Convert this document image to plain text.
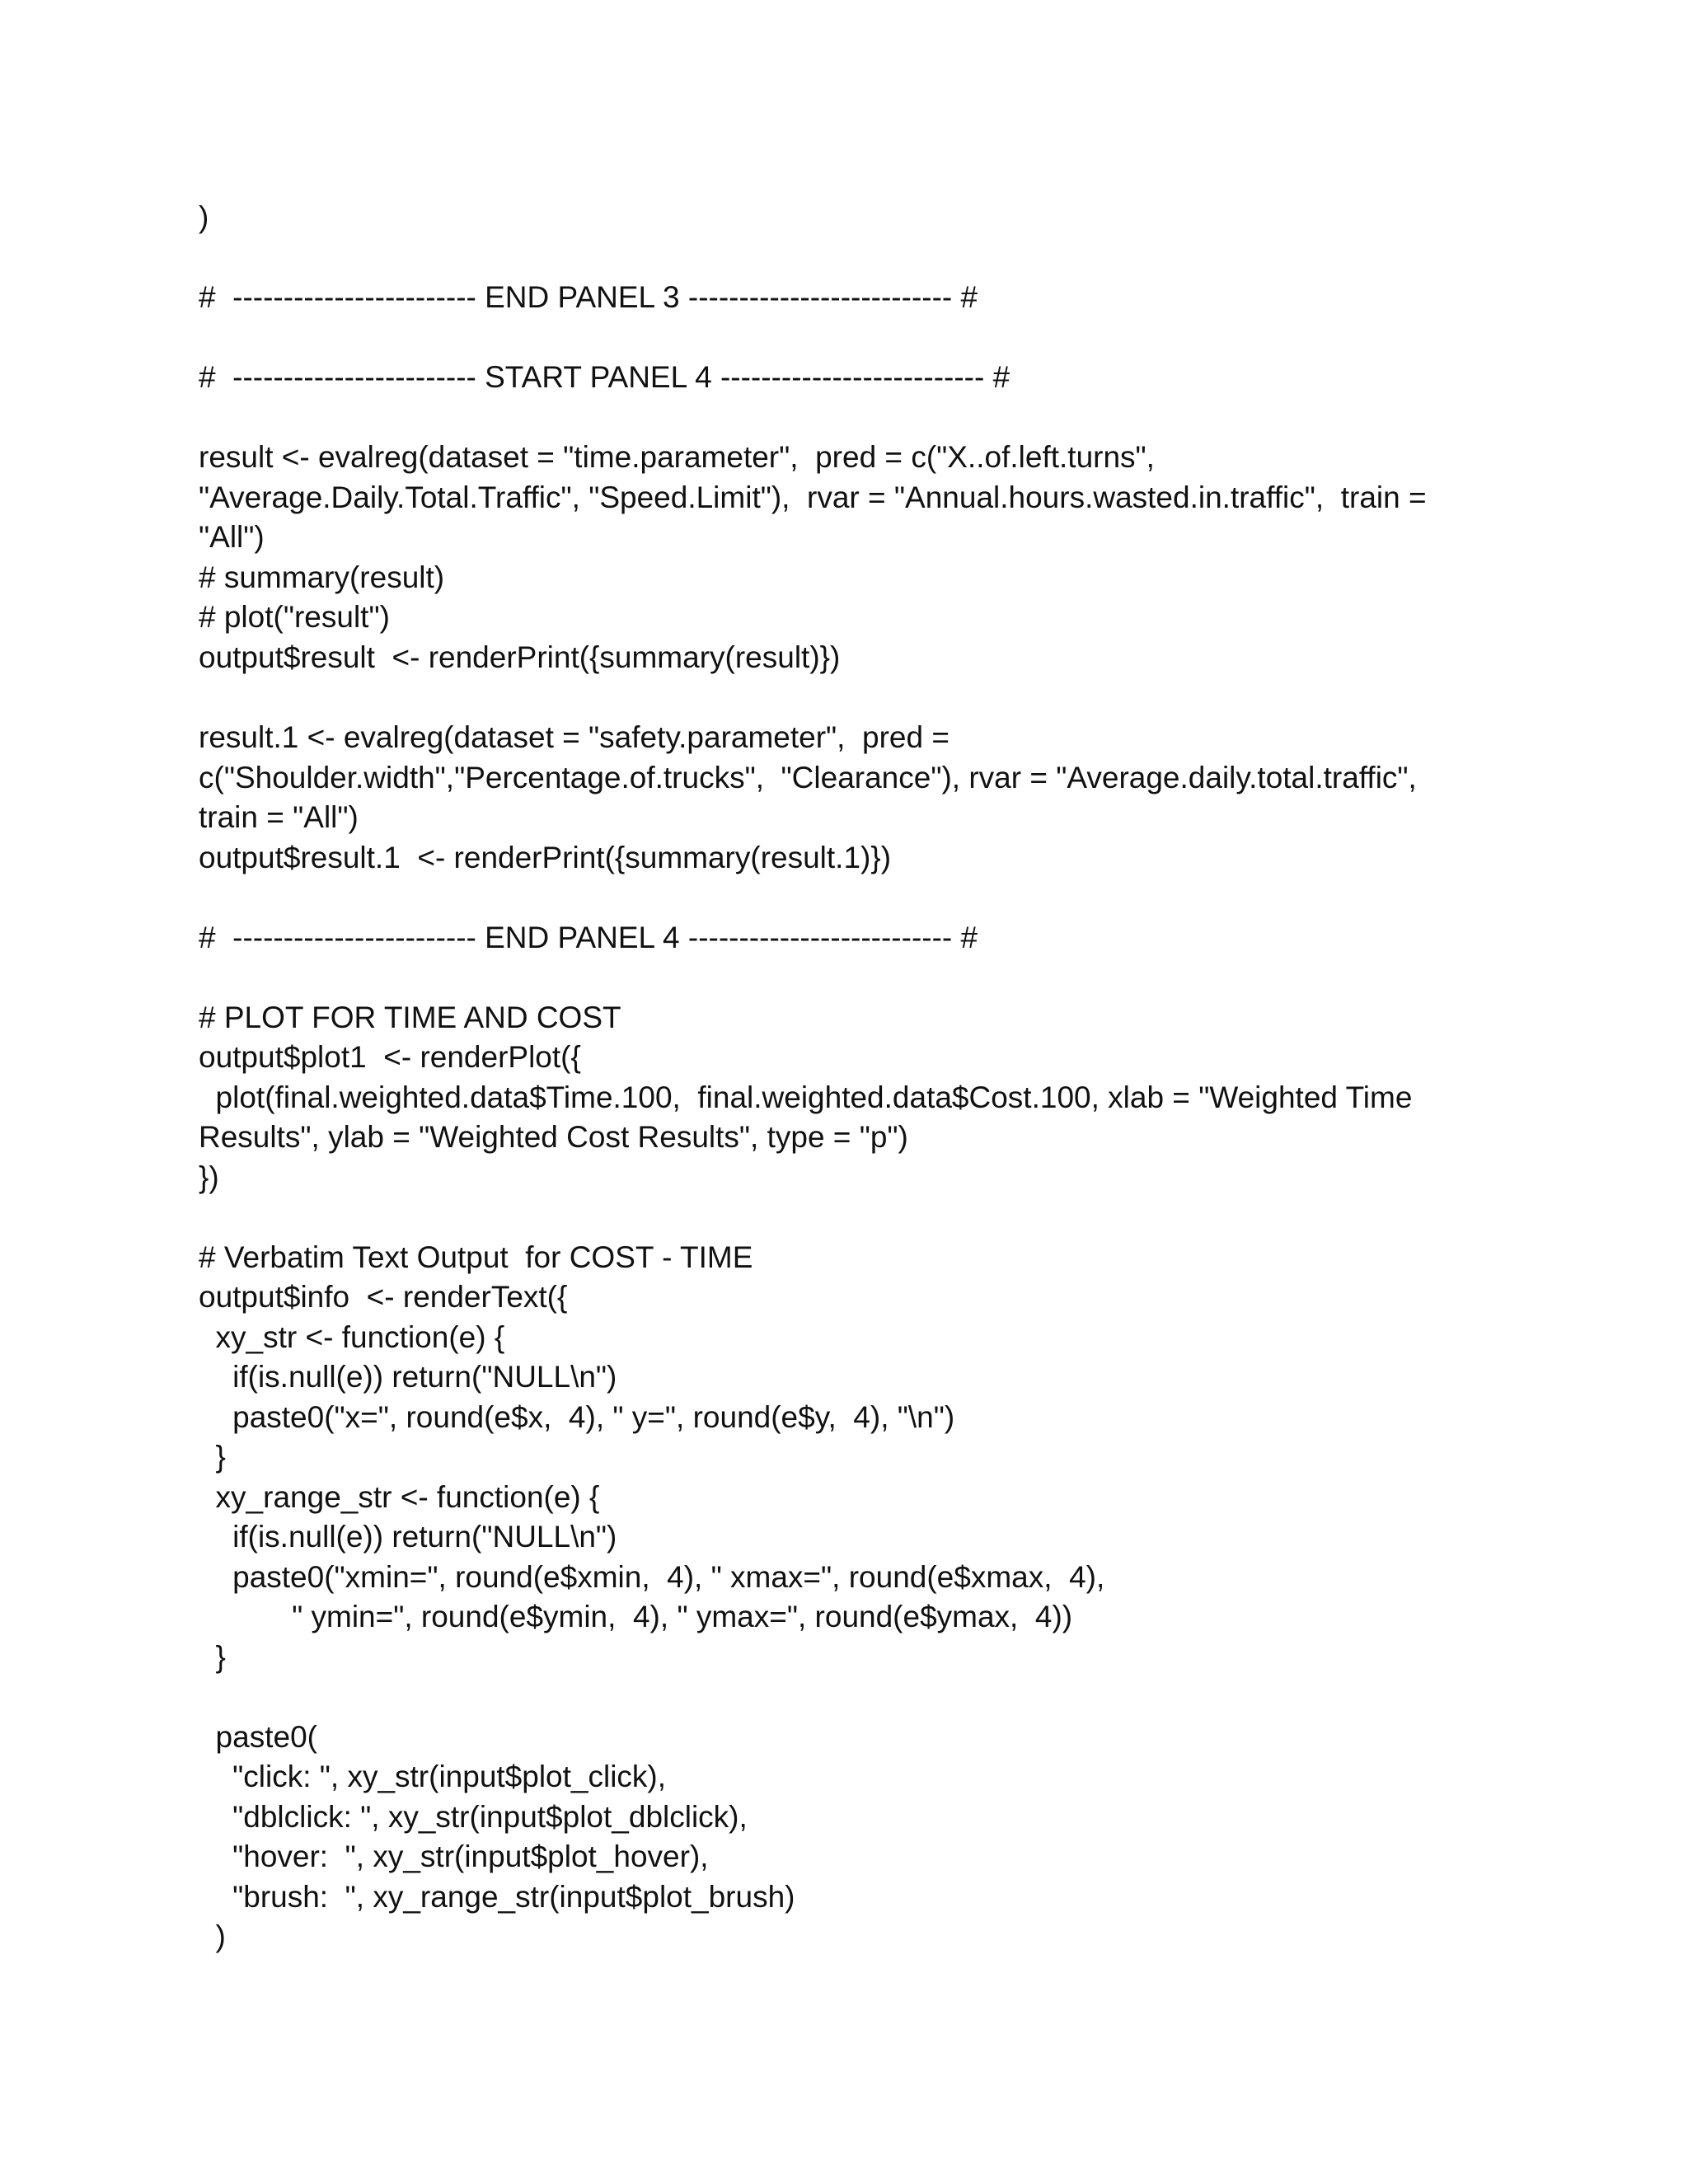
)

#  ------------------------ END PANEL 3 -------------------------- #

#  ------------------------ START PANEL 4 -------------------------- #

result <- evalreg(dataset = "time.parameter",  pred = c("X..of.left.turns",

"Average.Daily.Total.Traffic", "Speed.Limit"),  rvar = "Annual.hours.wasted.in.traffic",  train =

"All")

# summary(result)

# plot("result")

output$result  <- renderPrint({summary(result)})

result.1 <- evalreg(dataset = "safety.parameter",  pred =

c("Shoulder.width","Percentage.of.trucks",  "Clearance"), rvar = "Average.daily.total.traffic",

train = "All")

output$result.1  <- renderPrint({summary(result.1)})

#  ------------------------ END PANEL 4 -------------------------- #

# PLOT FOR TIME AND COST

output$plot1  <- renderPlot({

plot(final.weighted.data$Time.100,  final.weighted.data$Cost.100, xlab = "Weighted Time

Results", ylab = "Weighted Cost Results", type = "p")

})

# Verbatim Text Output  for COST - TIME

output$info  <- renderText({

xy_str <- function(e) {

if(is.null(e)) return("NULL\n")

paste0("x=", round(e$x,  4), " y=", round(e$y,  4), "\n")

}

xy_range_str <- function(e) {

if(is.null(e)) return("NULL\n")

paste0("xmin=", round(e$xmin,  4), " xmax=", round(e$xmax,  4),

" ymin=", round(e$ymin,  4), " ymax=", round(e$ymax,  4))

}

paste0(

"click: ", xy_str(input$plot_click),

"dblclick: ", xy_str(input$plot_dblclick),

"hover:  ", xy_str(input$plot_hover),

"brush:  ", xy_range_str(input$plot_brush)

)
